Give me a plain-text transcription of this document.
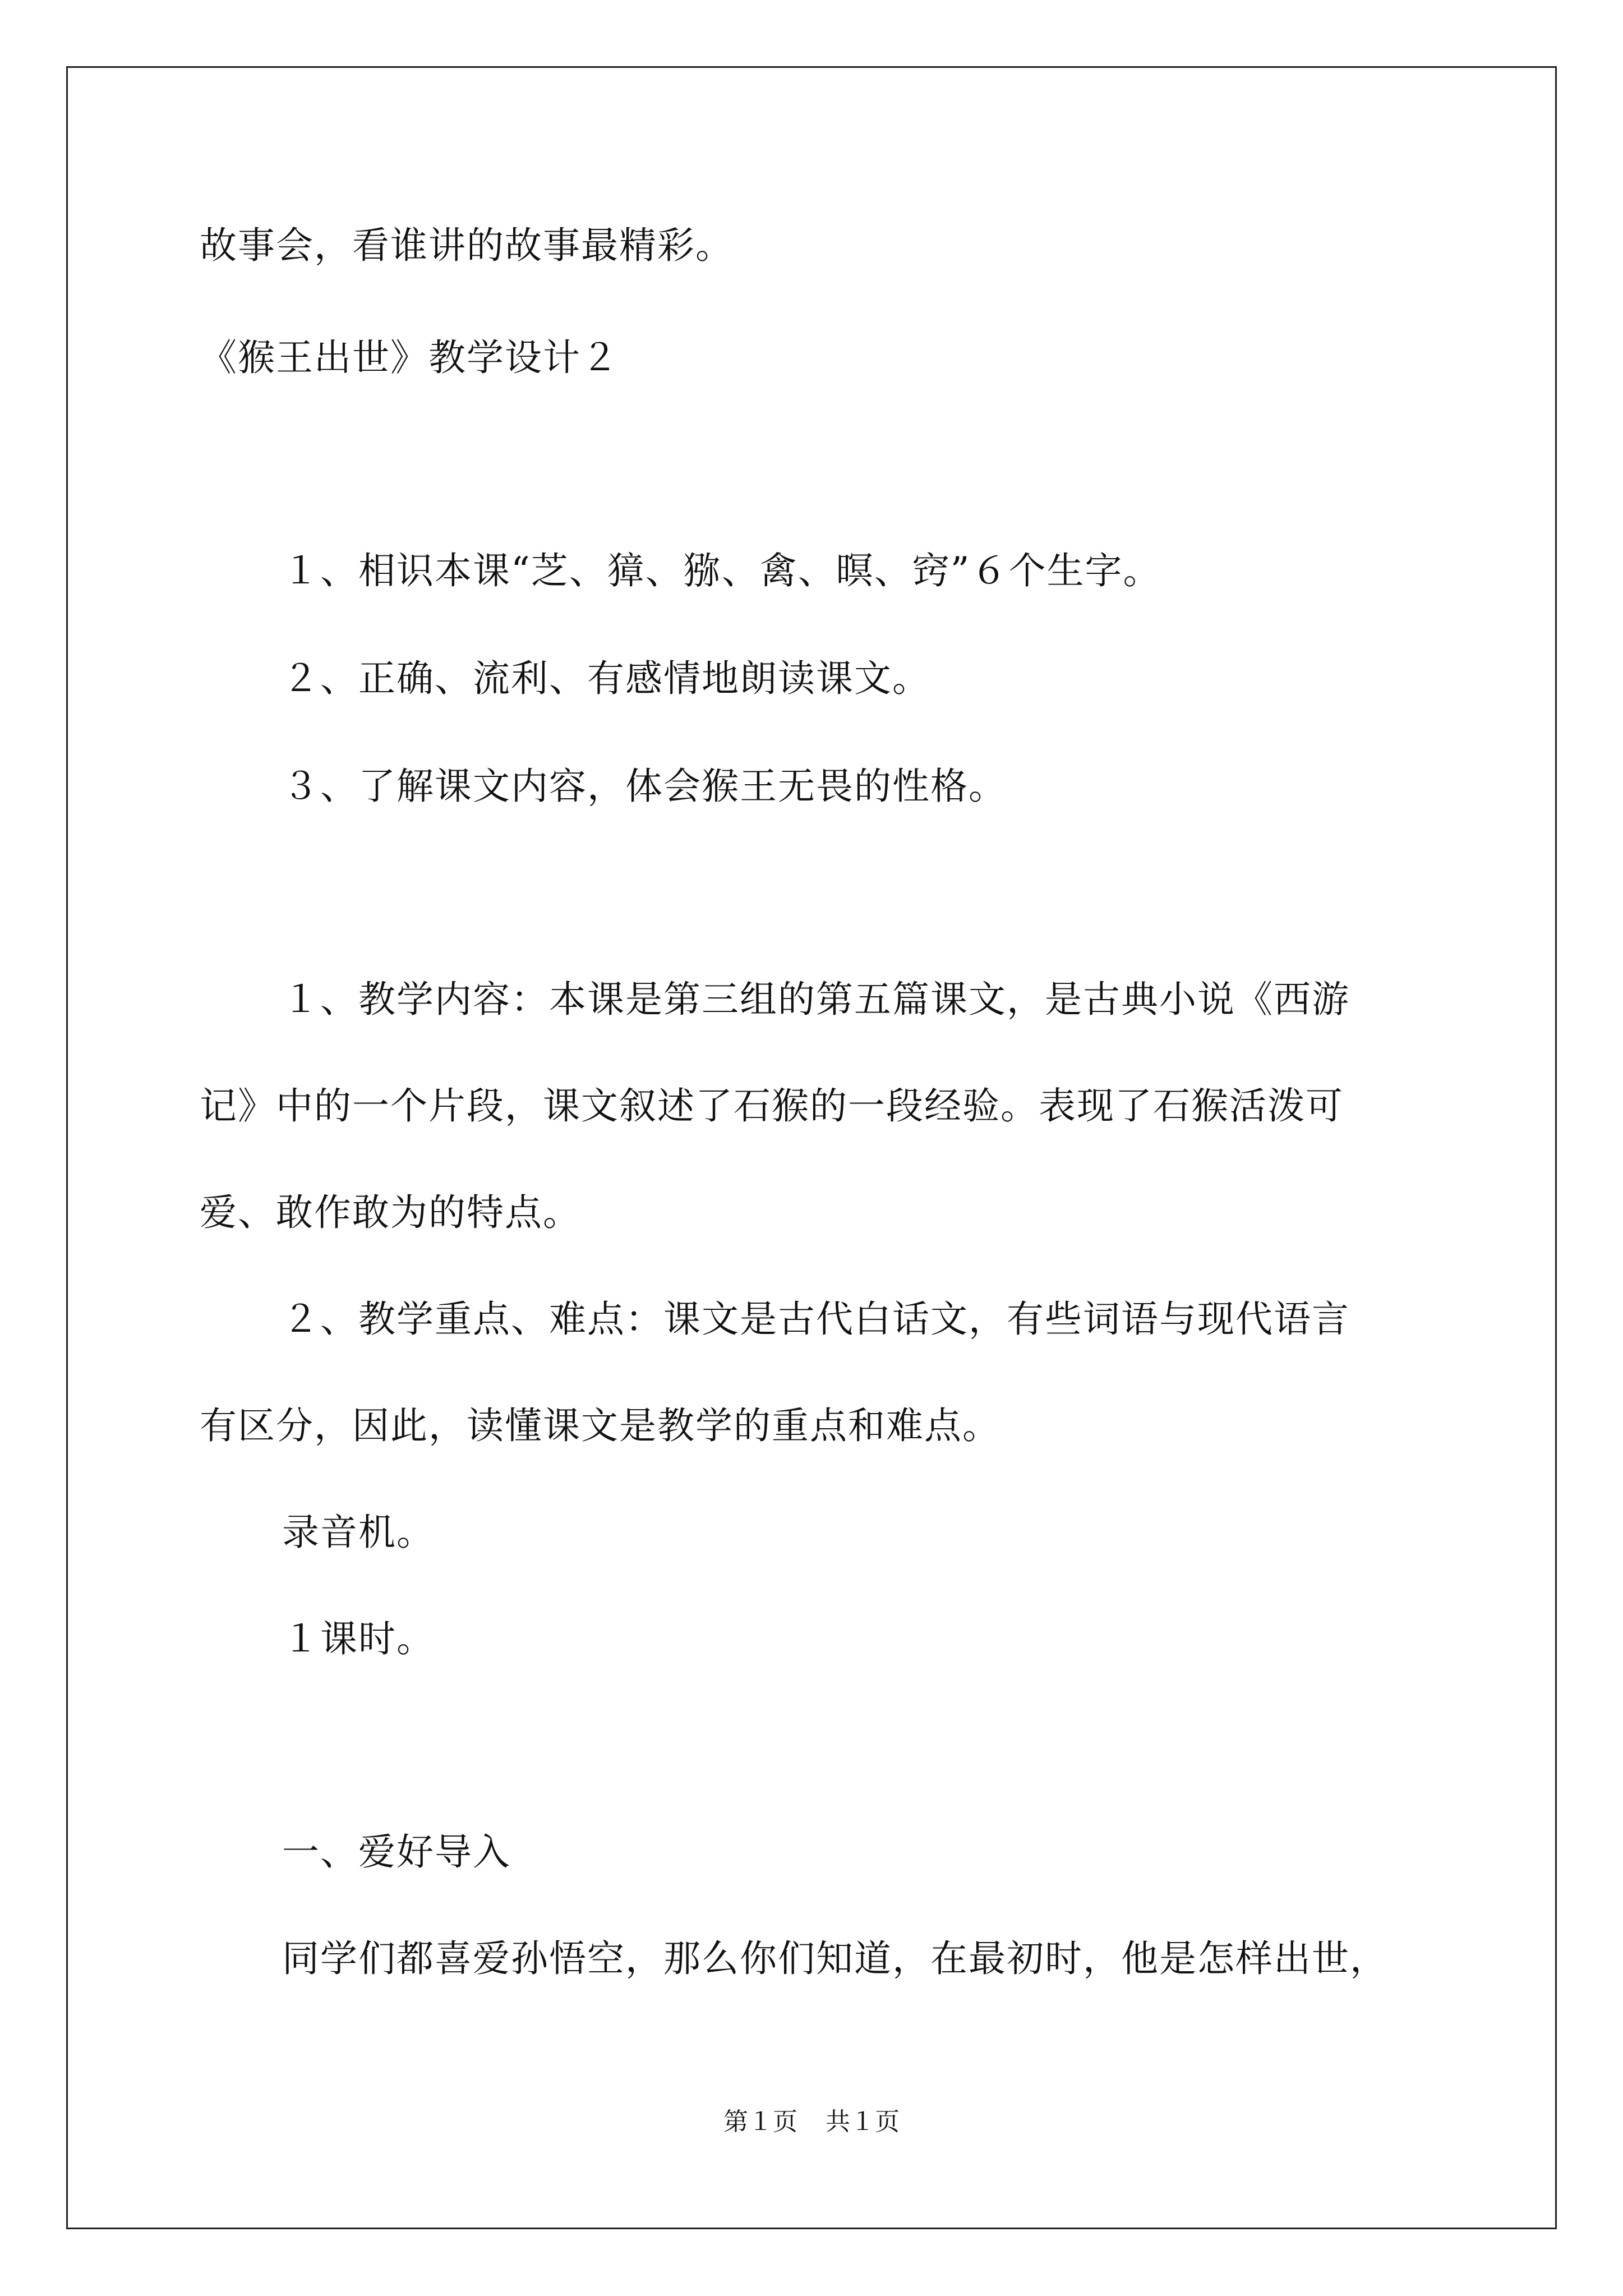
故事会，看谁讲的故事最精彩。
《猴王出世》教学设计２
１、相识本课“芝、獐、猕、禽、暝、窍”６个生字。
２、正确、流利、有感情地朗读课文。
３、了解课文内容，体会猴王无畏的性格。
１、教学内容：本课是第三组的第五篇课文，是古典小说《西游
记》中的一个片段，课文叙述了石猴的一段经验。表现了石猴活泼可
爱、敢作敢为的特点。
２、教学重点、难点：课文是古代白话文，有些词语与现代语言
有区分，因此，读懂课文是教学的重点和难点。
录音机。
１课时。
一、爱好导入
同学们都喜爱孙悟空，那么你们知道，在最初时，他是怎样出世，
第１页 共１页
